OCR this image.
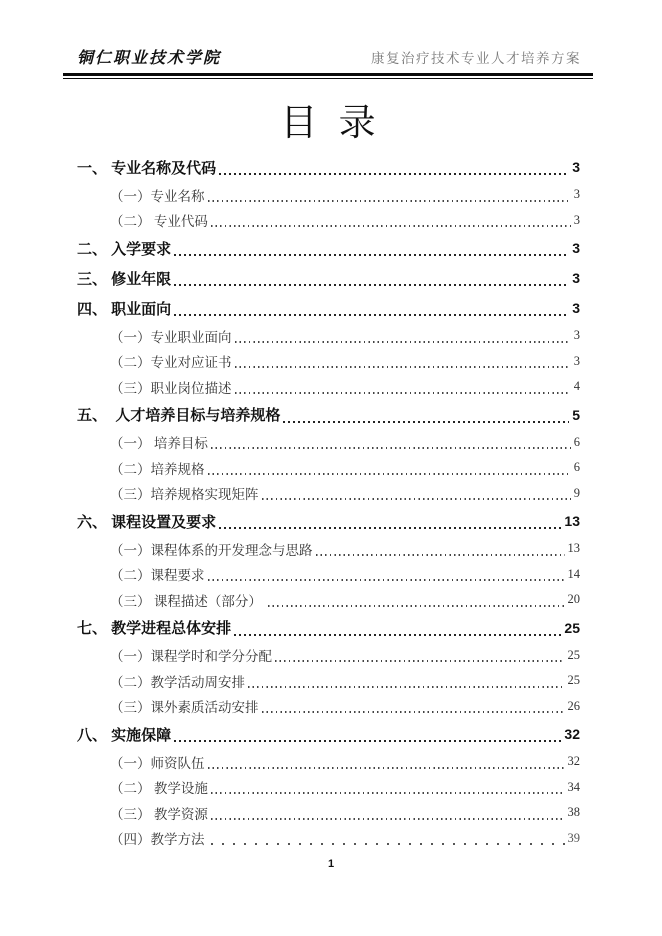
铜仁职业技术学院	康复治疗技术专业人才培养方案
目 录
一、 专业名称及代码	3
（一）专业名称	3
（二） 专业代码	3
二、 入学要求	3
三、 修业年限	3
四、 职业面向	3
（一）专业职业面向	3
（二）专业对应证书	3
（三）职业岗位描述	4
五、  人才培养目标与培养规格	5
（一） 培养目标	6
（二）培养规格	6
（三）培养规格实现矩阵	9
六、 课程设置及要求	13
（一）课程体系的开发理念与思路	13
（二）课程要求	14
（三） 课程描述（部分）	20
七、 教学进程总体安排	25
（一）课程学时和学分分配	25
（二）教学活动周安排	25
（三）课外素质活动安排	26
八、 实施保障	32
（一）师资队伍	32
（二） 教学设施	34
（三） 教学资源	38
（四）教学方法	39
1
